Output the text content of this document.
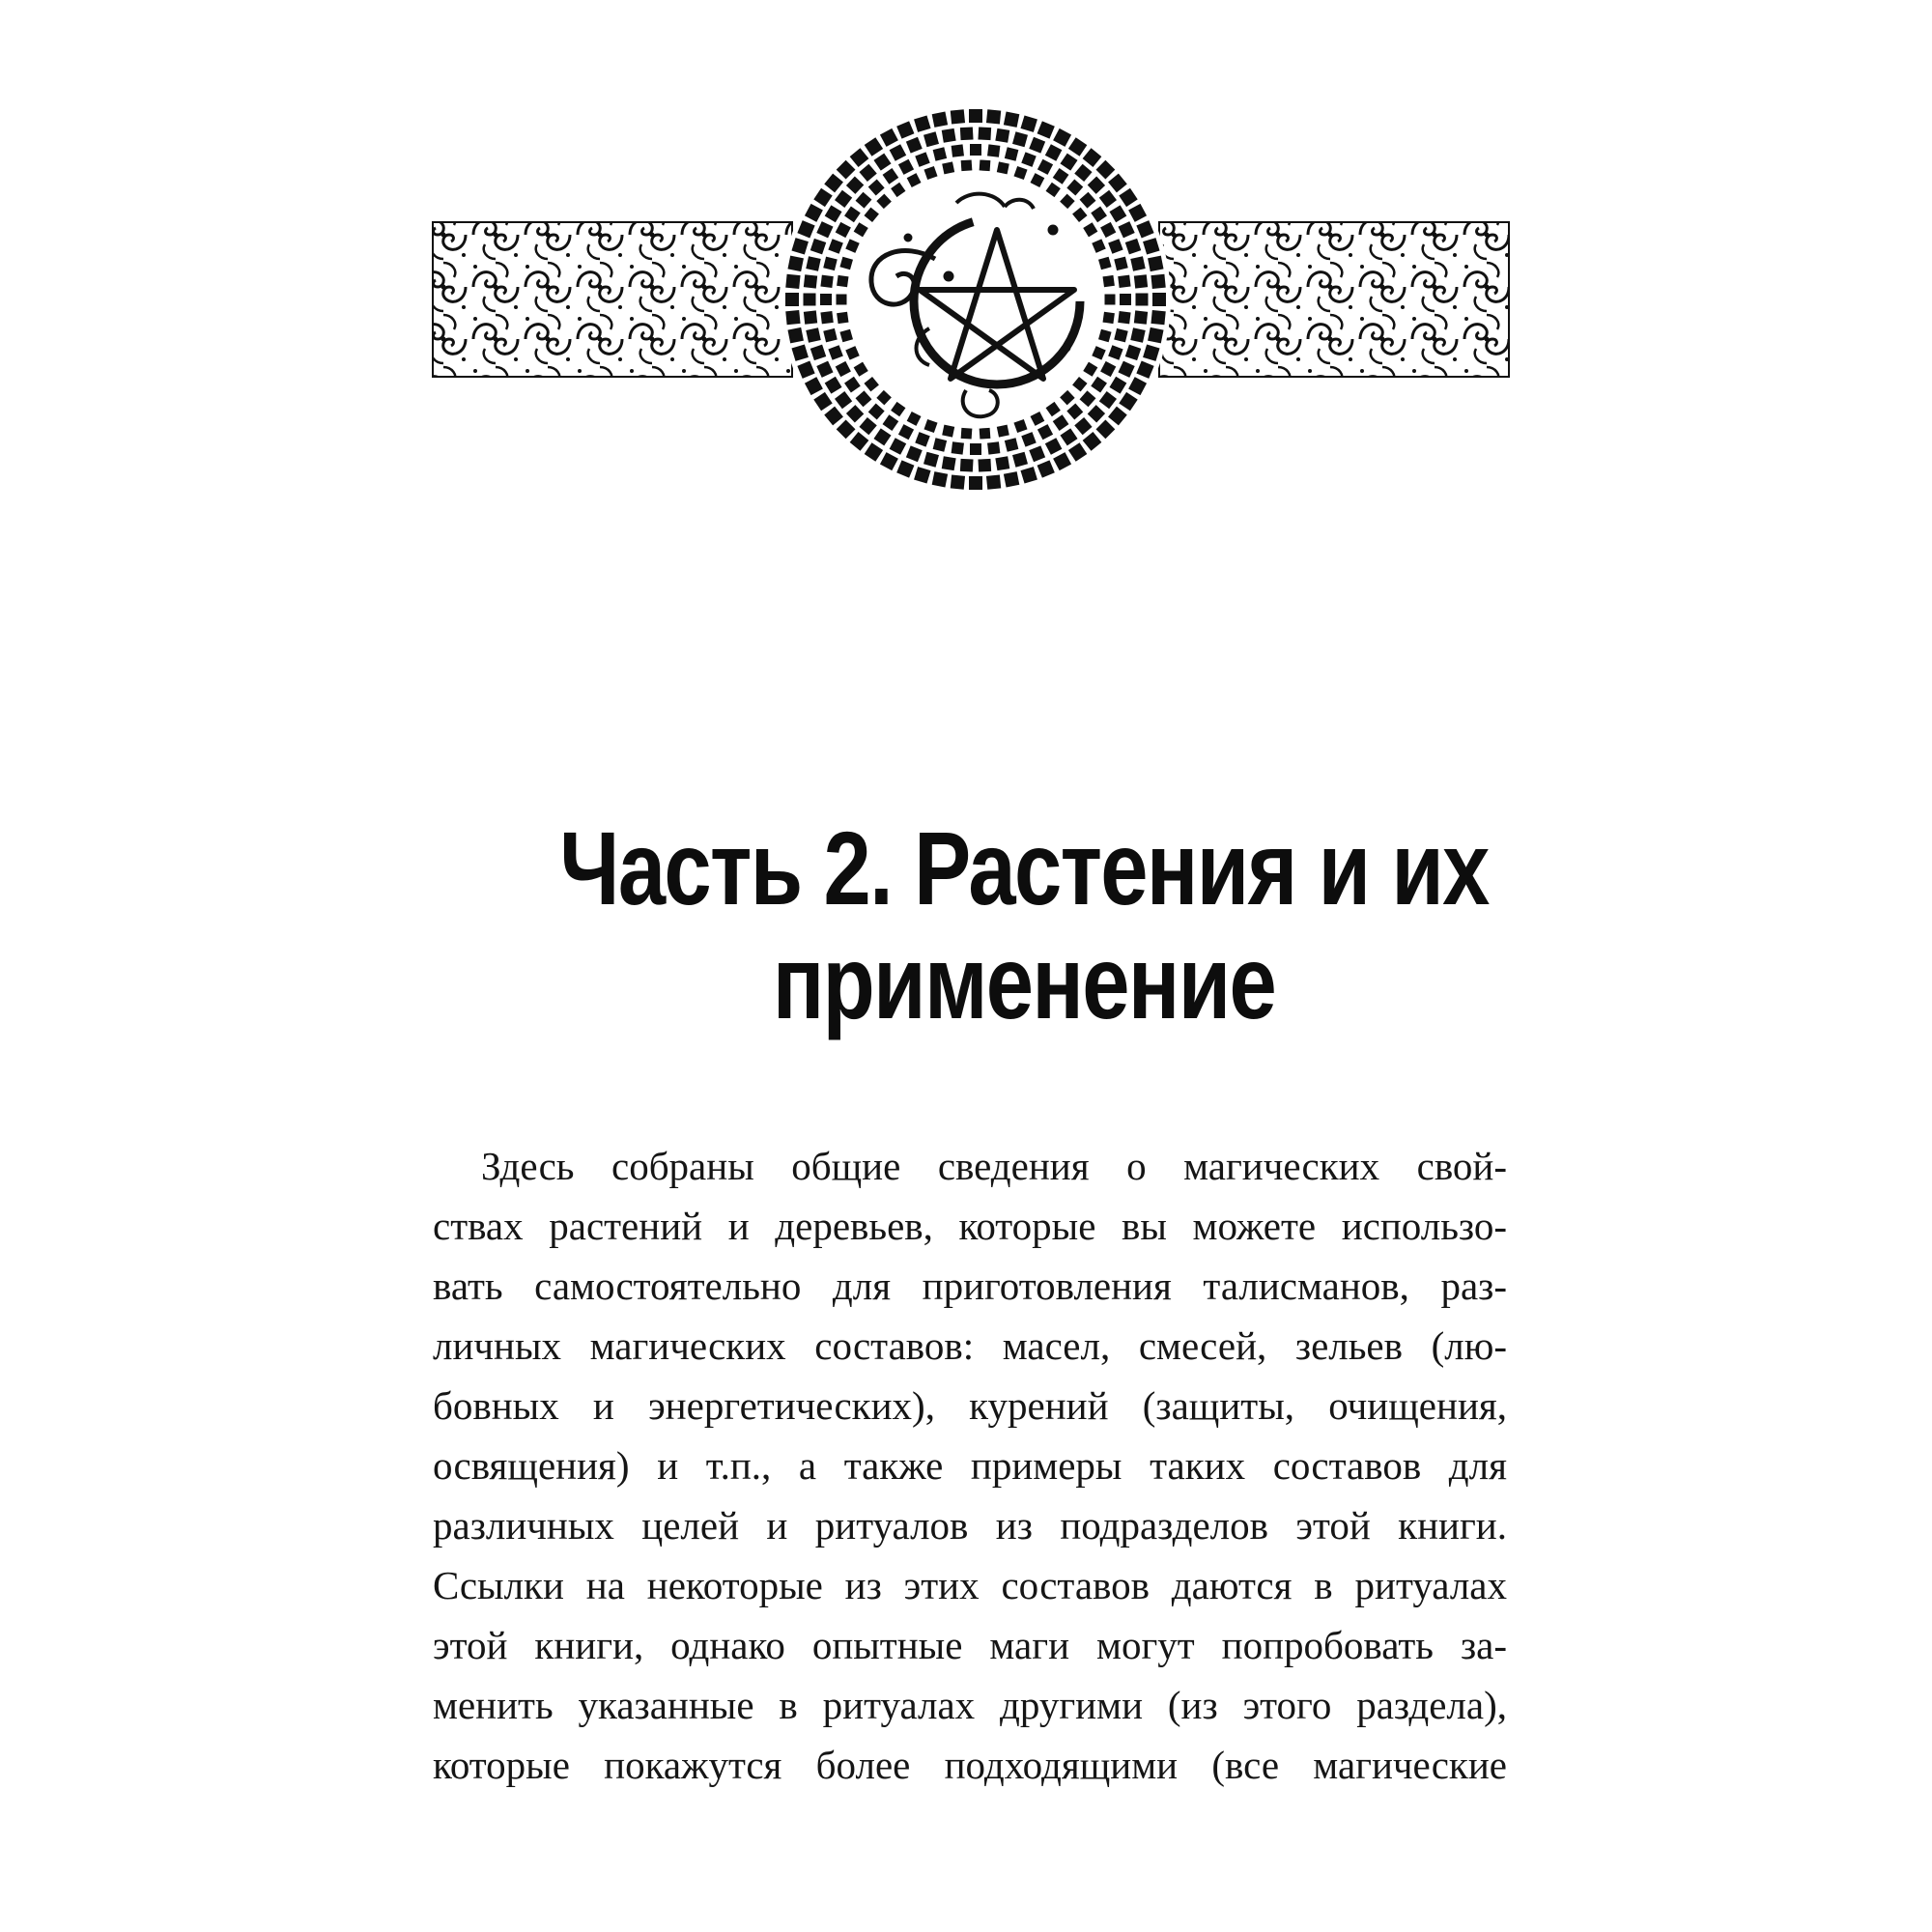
Часть 2. Растения и их
применение
Здесь собраны общие сведения о магических свой-
ствах растений и деревьев, которые вы можете использо-
вать самостоятельно для приготовления талисманов, раз-
личных магических составов: масел, смесей, зельев (лю-
бовных и энергетических), курений (защиты, очищения,
освящения) и т.п., а также примеры таких составов для
различных целей и ритуалов из подразделов этой книги.
Ссылки на некоторые из этих составов даются в ритуалах
этой книги, однако опытные маги могут попробовать за-
менить указанные в ритуалах другими (из этого раздела),
которые покажутся более подходящими (все магические
